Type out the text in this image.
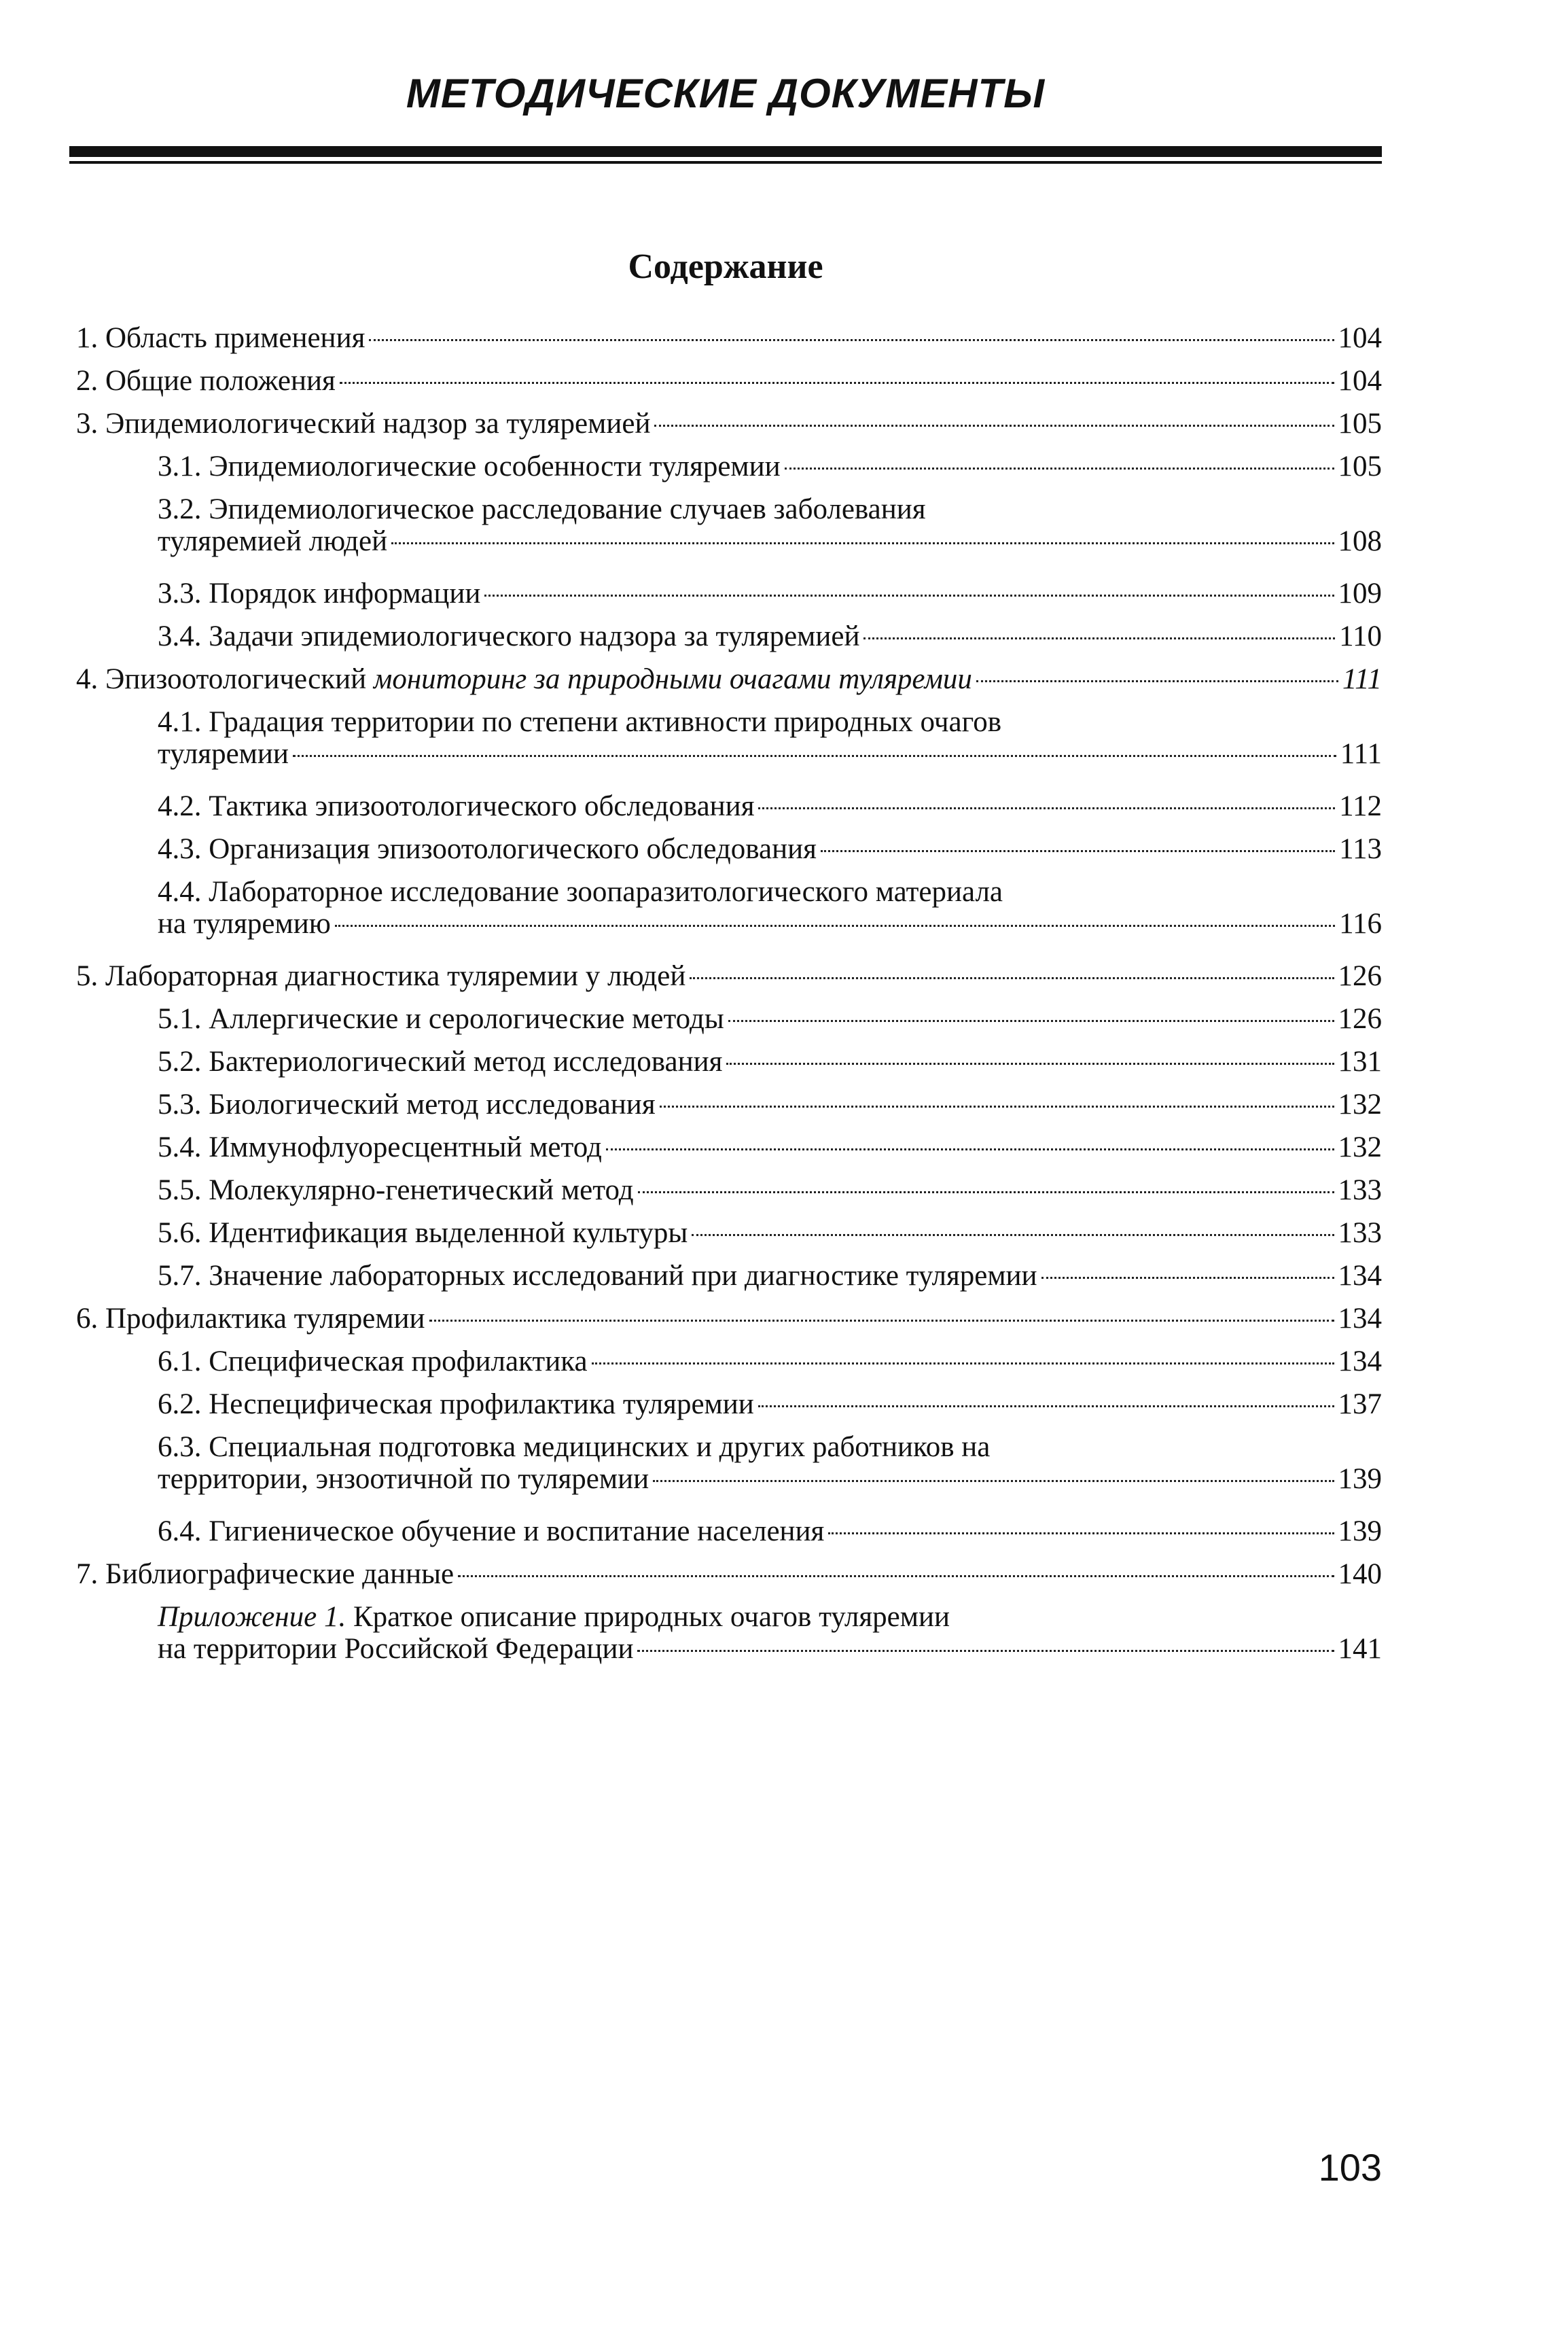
МЕТОДИЧЕСКИЕ ДОКУМЕНТЫ
Содержание
1. Область применения	104
2. Общие положения	104
3. Эпидемиологический надзор за туляремией	105
3.1. Эпидемиологические особенности туляремии	105
3.2. Эпидемиологическое расследование случаев заболевания
туляремией людей	108
3.3. Порядок информации	109
3.4. Задачи эпидемиологического надзора за туляремией	110
4. Эпизоотологический мониторинг за природными очагами туляремии	111
4.1. Градация территории по степени активности природных очагов
туляремии	111
4.2. Тактика эпизоотологического обследования	112
4.3. Организация эпизоотологического обследования	113
4.4. Лабораторное исследование зоопаразитологического материала
на туляремию	116
5. Лабораторная диагностика туляремии у людей	126
5.1. Аллергические и серологические методы	126
5.2. Бактериологический метод исследования	131
5.3. Биологический метод исследования	132
5.4. Иммунофлуоресцентный метод	132
5.5. Молекулярно-генетический метод	133
5.6. Идентификация выделенной культуры	133
5.7. Значение лабораторных исследований при диагностике туляремии	134
6. Профилактика туляремии	134
6.1. Специфическая профилактика	134
6.2. Неспецифическая профилактика туляремии	137
6.3. Специальная подготовка медицинских и других работников на
территории, энзоотичной по туляремии	139
6.4. Гигиеническое обучение и воспитание населения	139
7. Библиографические данные	140
Приложение 1. Краткое описание природных очагов туляремии
на территории Российской Федерации	141
103
